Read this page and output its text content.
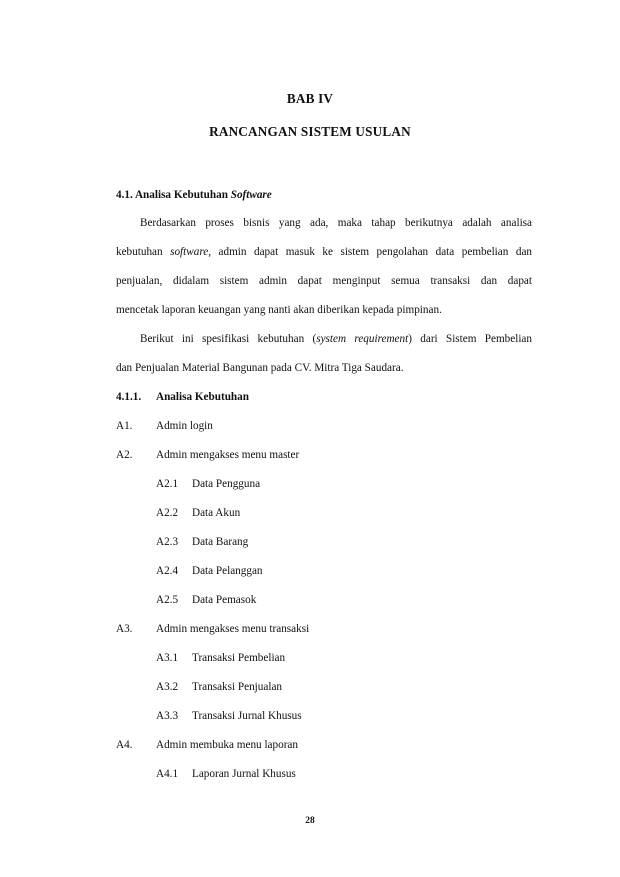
BAB IV
RANCANGAN SISTEM USULAN
4.1. Analisa Kebutuhan Software
Berdasarkan proses bisnis yang ada, maka tahap berikutnya adalah analisa
kebutuhan software, admin dapat masuk ke sistem pengolahan data pembelian dan
penjualan, didalam sistem admin dapat menginput semua transaksi dan dapat
mencetak laporan keuangan yang nanti akan diberikan kepada pimpinan.
Berikut ini spesifikasi kebutuhan (system requirement) dari Sistem Pembelian
dan Penjualan Material Bangunan pada CV. Mitra Tiga Saudara.
4.1.1. Analisa Kebutuhan
A1. Admin login
A2. Admin mengakses menu master
A2.1 Data Pengguna
A2.2 Data Akun
A2.3 Data Barang
A2.4 Data Pelanggan
A2.5 Data Pemasok
A3. Admin mengakses menu transaksi
A3.1 Transaksi Pembelian
A3.2 Transaksi Penjualan
A3.3 Transaksi Jurnal Khusus
A4. Admin membuka menu laporan
A4.1 Laporan Jurnal Khusus
28
